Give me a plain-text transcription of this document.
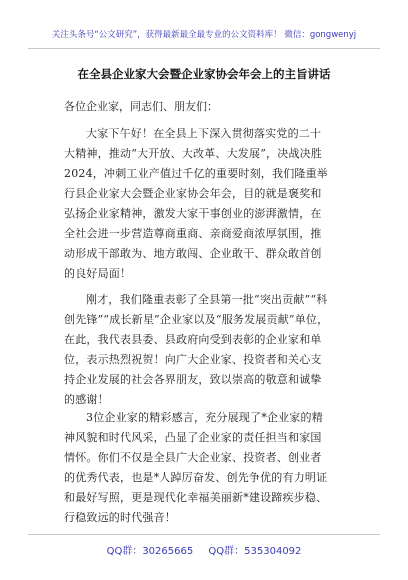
关注头条号“公文研究”，获得最新最全最专业的公文资料库！ 微信：gongwenyj
在全县企业家大会暨企业家协会年会上的主旨讲话
各位企业家，同志们、朋友们：

大家下午好！在全县上下深入贯彻落实党的二十大精神，推动“大开放、大改革、大发展”，决战决胜2024，冲刺工业产值过千亿的重要时刻，我们隆重举行县企业家大会暨企业家协会年会，目的就是褒奖和弘扬企业家精神，激发大家干事创业的澎湃激情，在全社会进一步营造尊商重商、亲商爱商浓厚氛围，推动形成干部敢为、地方敢闯、企业敢干、群众敢首创的良好局面！

刚才，我们隆重表彰了全县第一批“突出贡献”“科创先锋”“成长新星”企业家以及“服务发展贡献”单位，在此，我代表县委、县政府向受到表彰的企业家和单位，表示热烈祝贺！向广大企业家、投资者和关心支持企业发展的社会各界朋友，致以崇高的敬意和诚挚的感谢！

3位企业家的精彩感言，充分展现了*企业家的精神风貌和时代风采，凸显了企业家的责任担当和家国情怀。你们不仅是全县广大企业家、投资者、创业者的优秀代表，也是*人踔厉奋发、创先争优的有力明证和最好写照，更是现代化幸福美丽新*建设蹄疾步稳、行稳致远的时代强音！

QQ群：30265665 QQ群：535304092
